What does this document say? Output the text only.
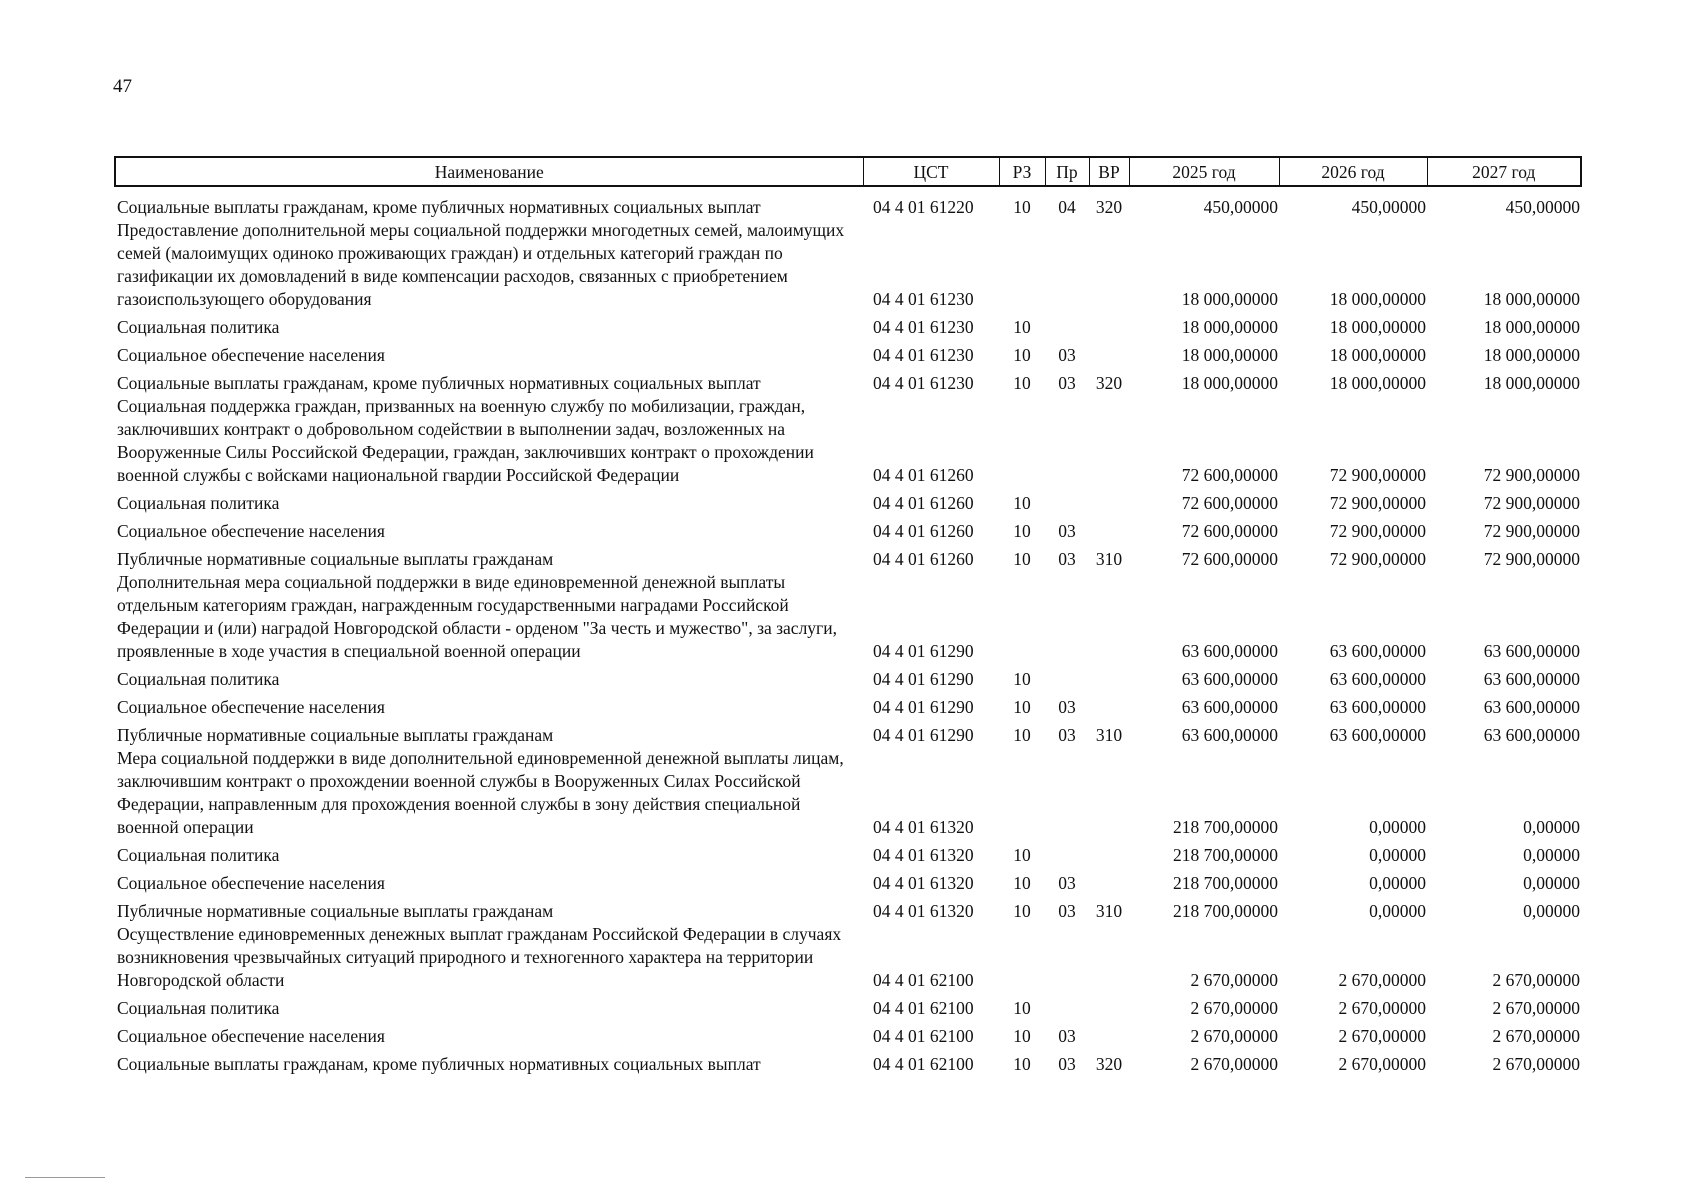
47
Наименование	ЦСТ	РЗ	Пр	ВР	2025 год	2026 год	2027 год
Социальные выплаты гражданам, кроме публичных нормативных социальных выплат	04 4 01 61220	10	04	320	450,00000	450,00000	450,00000
Предоставление дополнительной меры социальной поддержки многодетных семей, малоимущих семей (малоимущих одиноко проживающих граждан) и отдельных категорий граждан по газификации их домовладений в виде компенсации расходов, связанных с приобретением газоиспользующего оборудования	04 4 01 61230				18 000,00000	18 000,00000	18 000,00000
Социальная политика	04 4 01 61230	10			18 000,00000	18 000,00000	18 000,00000
Социальное обеспечение населения	04 4 01 61230	10	03		18 000,00000	18 000,00000	18 000,00000
Социальные выплаты гражданам, кроме публичных нормативных социальных выплат	04 4 01 61230	10	03	320	18 000,00000	18 000,00000	18 000,00000
Социальная поддержка граждан, призванных на военную службу по мобилизации, граждан, заключивших контракт о добровольном содействии в выполнении задач, возложенных на Вооруженные Силы Российской Федерации, граждан, заключивших контракт о прохождении военной службы с войсками национальной гвардии Российской Федерации	04 4 01 61260				72 600,00000	72 900,00000	72 900,00000
Социальная политика	04 4 01 61260	10			72 600,00000	72 900,00000	72 900,00000
Социальное обеспечение населения	04 4 01 61260	10	03		72 600,00000	72 900,00000	72 900,00000
Публичные нормативные социальные выплаты гражданам	04 4 01 61260	10	03	310	72 600,00000	72 900,00000	72 900,00000
Дополнительная мера социальной поддержки в виде единовременной денежной выплаты отдельным категориям граждан, награжденным государственными наградами Российской Федерации и (или) наградой Новгородской области - орденом "За честь и мужество", за заслуги, проявленные в ходе участия в специальной военной операции	04 4 01 61290				63 600,00000	63 600,00000	63 600,00000
Социальная политика	04 4 01 61290	10			63 600,00000	63 600,00000	63 600,00000
Социальное обеспечение населения	04 4 01 61290	10	03		63 600,00000	63 600,00000	63 600,00000
Публичные нормативные социальные выплаты гражданам	04 4 01 61290	10	03	310	63 600,00000	63 600,00000	63 600,00000
Мера социальной поддержки в виде дополнительной единовременной денежной выплаты лицам, заключившим контракт о прохождении военной службы в Вооруженных Силах Российской Федерации, направленным для прохождения военной службы в зону действия специальной военной операции	04 4 01 61320				218 700,00000	0,00000	0,00000
Социальная политика	04 4 01 61320	10			218 700,00000	0,00000	0,00000
Социальное обеспечение населения	04 4 01 61320	10	03		218 700,00000	0,00000	0,00000
Публичные нормативные социальные выплаты гражданам	04 4 01 61320	10	03	310	218 700,00000	0,00000	0,00000
Осуществление единовременных денежных выплат гражданам Российской Федерации в случаях возникновения чрезвычайных ситуаций природного и техногенного характера на территории Новгородской области	04 4 01 62100				2 670,00000	2 670,00000	2 670,00000
Социальная политика	04 4 01 62100	10			2 670,00000	2 670,00000	2 670,00000
Социальное обеспечение населения	04 4 01 62100	10	03		2 670,00000	2 670,00000	2 670,00000
Социальные выплаты гражданам, кроме публичных нормативных социальных выплат	04 4 01 62100	10	03	320	2 670,00000	2 670,00000	2 670,00000
